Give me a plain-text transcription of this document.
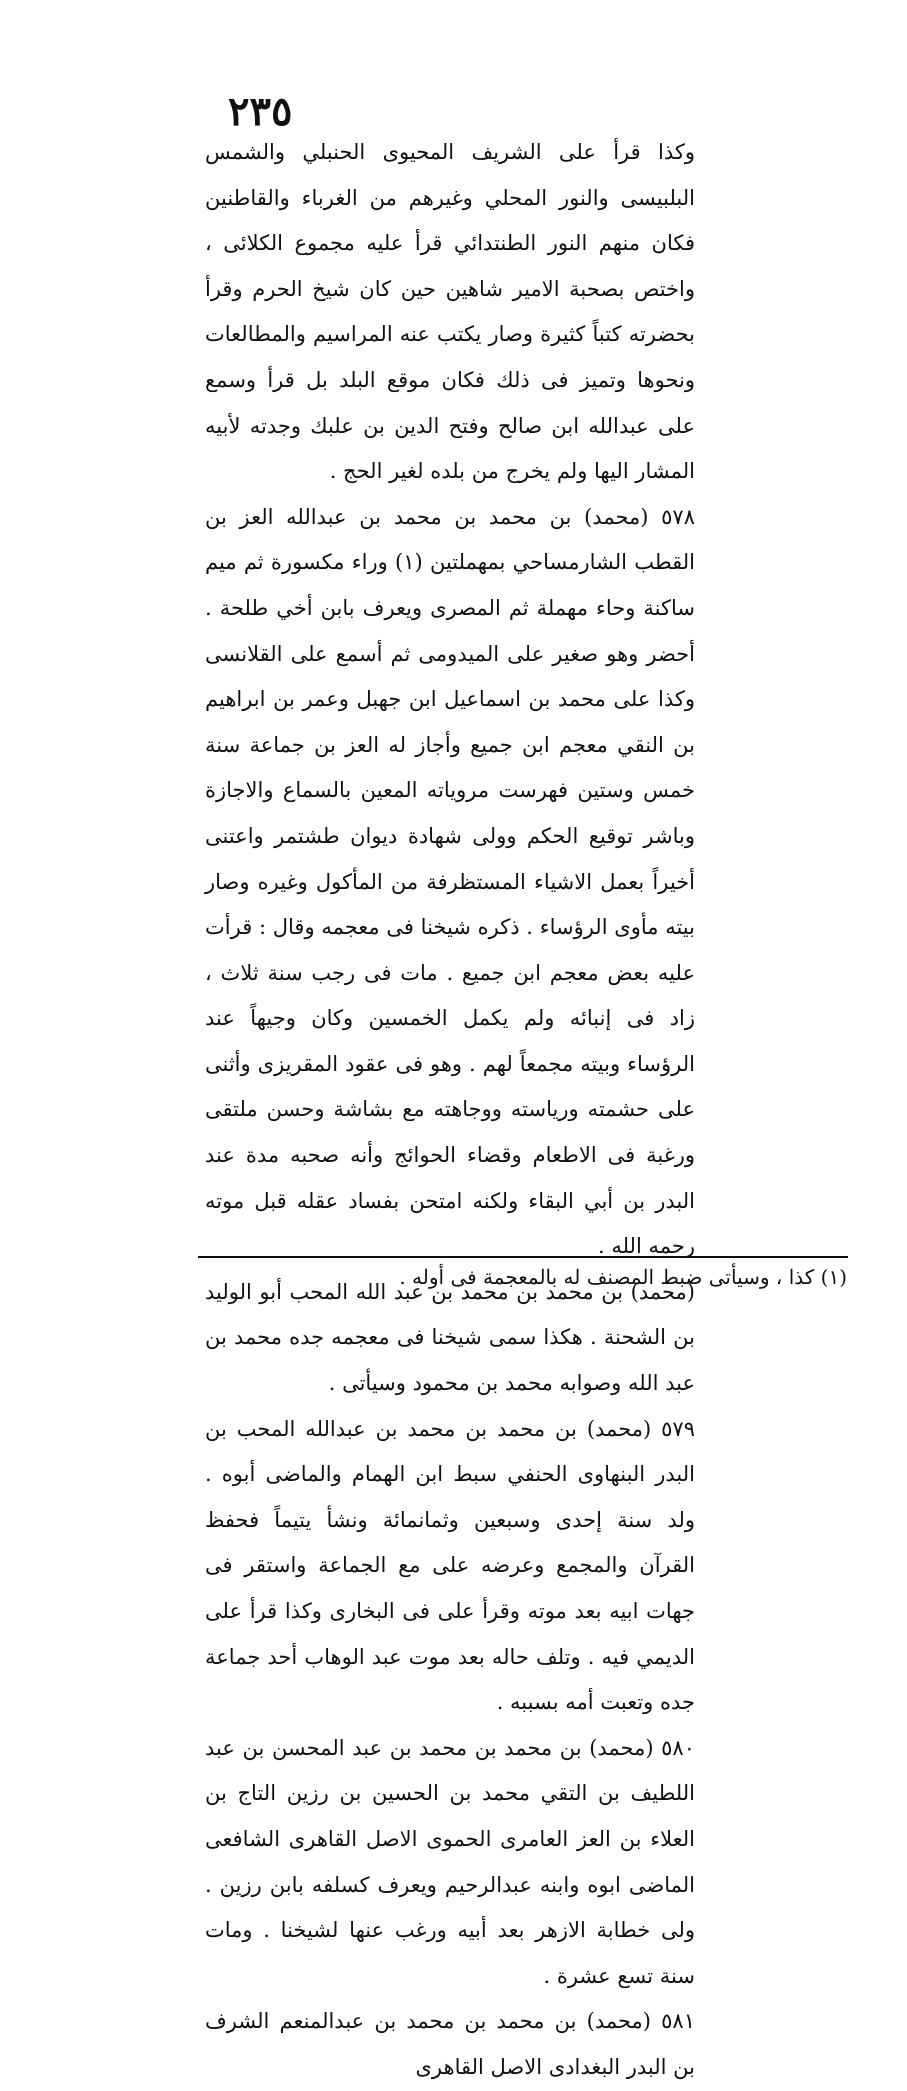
٢٣٥

وكذا قرأ على الشريف المحيوى الحنبلي والشمس البلبيسى والنور المحلي وغيرهم من الغرباء والقاطنين فكان منهم النور الطنتدائي قرأ عليه مجموع الكلائى ، واختص بصحبة الامير شاهين حين كان شيخ الحرم وقرأ بحضرته كتباً كثيرة وصار يكتب عنه المراسيم والمطالعات ونحوها وتميز فى ذلك فكان موقع البلد بل قرأ وسمع على عبدالله ابن صالح وفتح الدين بن علبك وجدته لأبيه المشار اليها ولم يخرج من بلده لغير الحج .

٥٧٨ (محمد) بن محمد بن محمد بن عبدالله العز بن القطب الشارمساحي بمهملتين (١) وراء مكسورة ثم ميم ساكنة وحاء مهملة ثم المصرى ويعرف بابن أخي طلحة . أحضر وهو صغير على الميدومى ثم أسمع على القلانسى وكذا على محمد بن اسماعيل ابن جهبل وعمر بن ابراهيم بن النقي معجم ابن جميع وأجاز له العز بن جماعة سنة خمس وستين فهرست مروياته المعين بالسماع والاجازة وباشر توقيع الحكم وولى شهادة ديوان طشتمر واعتنى أخيراً بعمل الاشياء المستظرفة من المأكول وغيره وصار بيته مأوى الرؤساء . ذكره شيخنا فى معجمه وقال : قرأت عليه بعض معجم ابن جميع . مات فى رجب سنة ثلاث ، زاد فى إنبائه ولم يكمل الخمسين وكان وجيهاً عند الرؤساء وبيته مجمعاً لهم . وهو فى عقود المقريزى وأثنى على حشمته ورياسته ووجاهته مع بشاشة وحسن ملتقى ورغبة فى الاطعام وقضاء الحوائج وأنه صحبه مدة عند البدر بن أبي البقاء ولكنه امتحن بفساد عقله قبل موته رحمه الله .

(محمد) بن محمد بن محمد بن عبد الله المحب أبو الوليد بن الشحنة . هكذا سمى شيخنا فى معجمه جده محمد بن عبد الله وصوابه محمد بن محمود وسيأتى .

٥٧٩ (محمد) بن محمد بن محمد بن عبدالله المحب بن البدر البنهاوى الحنفي سبط ابن الهمام والماضى أبوه . ولد سنة إحدى وسبعين وثمانمائة ونشأ يتيماً فحفظ القرآن والمجمع وعرضه على مع الجماعة واستقر فى جهات ابيه بعد موته وقرأ على فى البخارى وكذا قرأ على الديمي فيه . وتلف حاله بعد موت عبد الوهاب أحد جماعة جده وتعبت أمه بسببه .

٥٨٠ (محمد) بن محمد بن محمد بن عبد المحسن بن عبد اللطيف بن التقي محمد بن الحسين بن رزين التاج بن العلاء بن العز العامرى الحموى الاصل القاهرى الشافعى الماضى ابوه وابنه عبدالرحيم ويعرف كسلفه بابن رزين . ولى خطابة الازهر بعد أبيه ورغب عنها لشيخنا . ومات سنة تسع عشرة .

٥٨١ (محمد) بن محمد بن محمد بن عبدالمنعم الشرف بن البدر البغدادى الاصل القاهرى

(١) كذا ، وسيأتى ضبط المصنف له بالمعجمة فى أوله .
